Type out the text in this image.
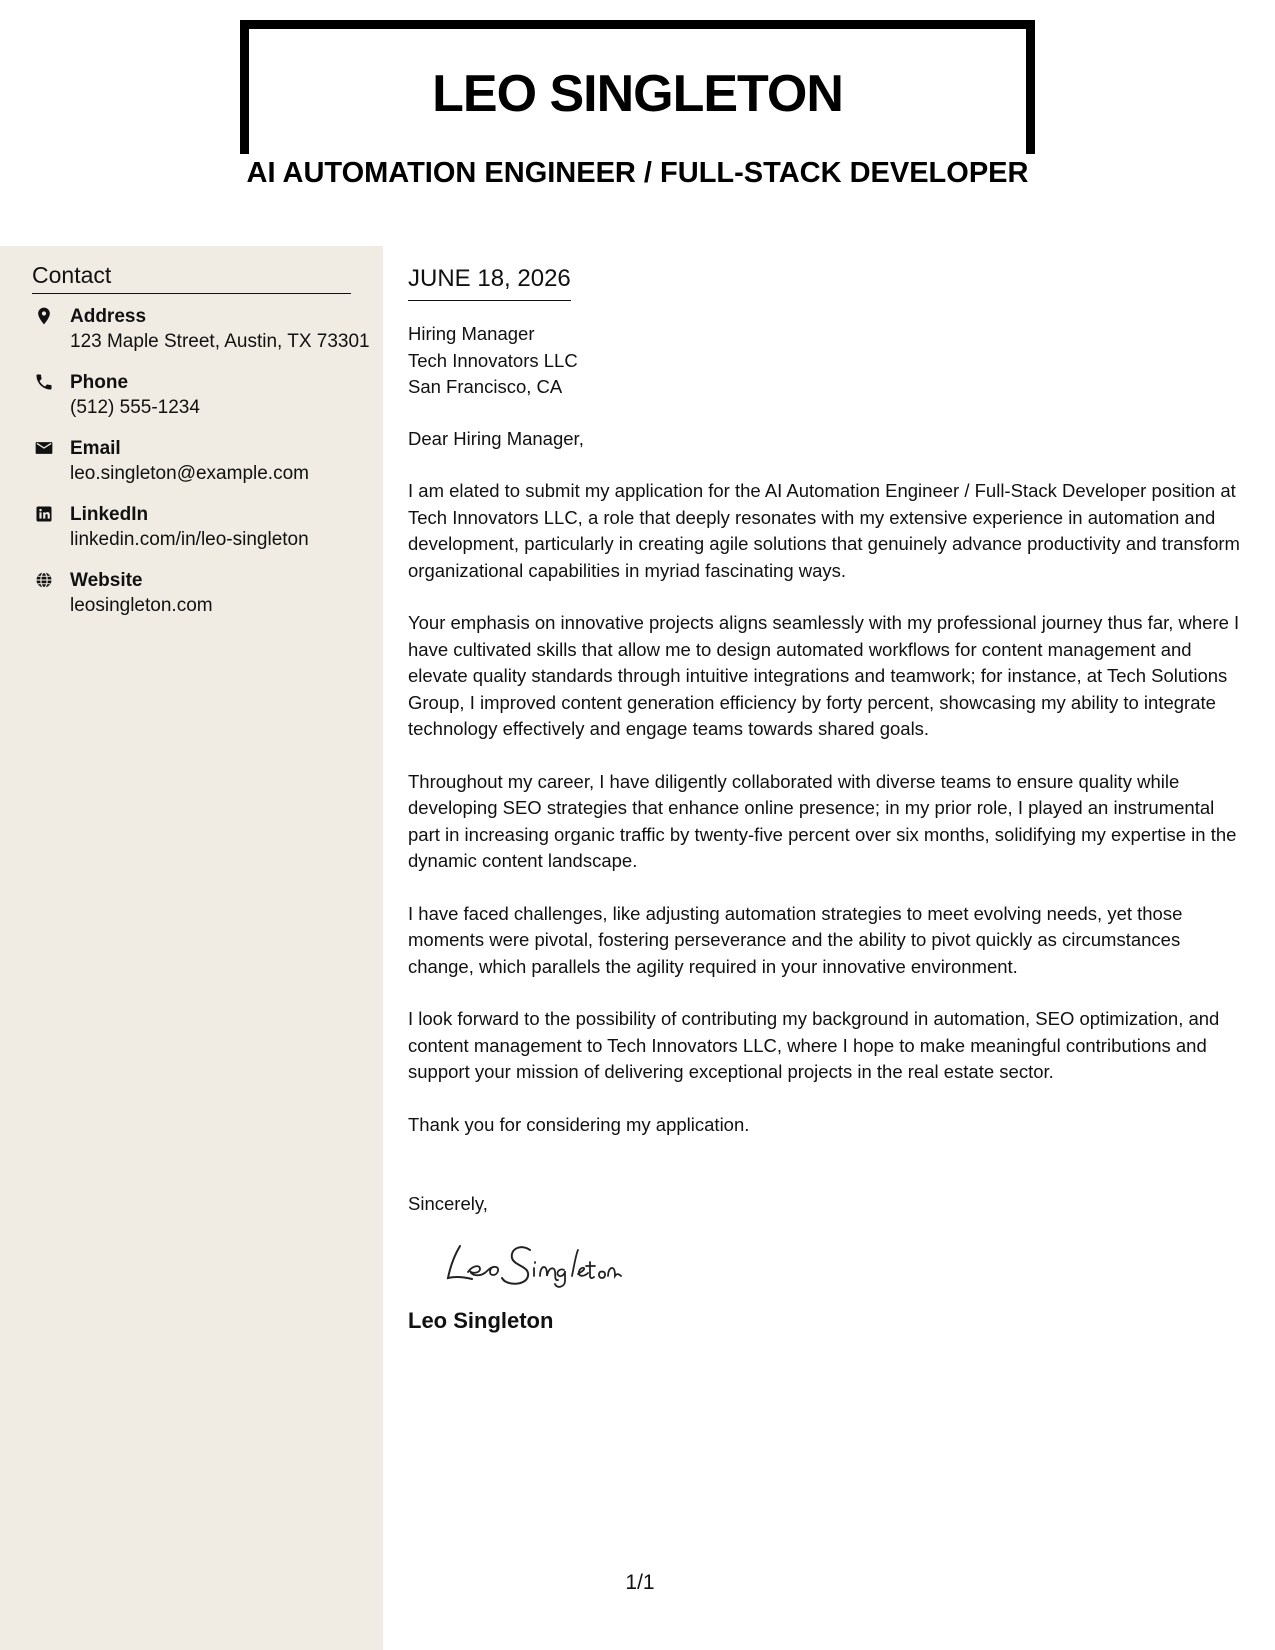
LEO SINGLETON
AI AUTOMATION ENGINEER / FULL-STACK DEVELOPER
Contact
Address
123 Maple Street, Austin, TX 73301
Phone
(512) 555-1234
Email
leo.singleton@example.com
LinkedIn
linkedin.com/in/leo-singleton
Website
leosingleton.com
JUNE 18, 2026
Hiring Manager
Tech Innovators LLC
San Francisco, CA
Dear Hiring Manager,
I am elated to submit my application for the AI Automation Engineer / Full-Stack Developer position at Tech Innovators LLC, a role that deeply resonates with my extensive experience in automation and development, particularly in creating agile solutions that genuinely advance productivity and transform organizational capabilities in myriad fascinating ways.
Your emphasis on innovative projects aligns seamlessly with my professional journey thus far, where I have cultivated skills that allow me to design automated workflows for content management and elevate quality standards through intuitive integrations and teamwork; for instance, at Tech Solutions Group, I improved content generation efficiency by forty percent, showcasing my ability to integrate technology effectively and engage teams towards shared goals.
Throughout my career, I have diligently collaborated with diverse teams to ensure quality while developing SEO strategies that enhance online presence; in my prior role, I played an instrumental part in increasing organic traffic by twenty-five percent over six months, solidifying my expertise in the dynamic content landscape.
I have faced challenges, like adjusting automation strategies to meet evolving needs, yet those moments were pivotal, fostering perseverance and the ability to pivot quickly as circumstances change, which parallels the agility required in your innovative environment.
I look forward to the possibility of contributing my background in automation, SEO optimization, and content management to Tech Innovators LLC, where I hope to make meaningful contributions and support your mission of delivering exceptional projects in the real estate sector.
Thank you for considering my application.
Sincerely,
Leo Singleton
1/1
